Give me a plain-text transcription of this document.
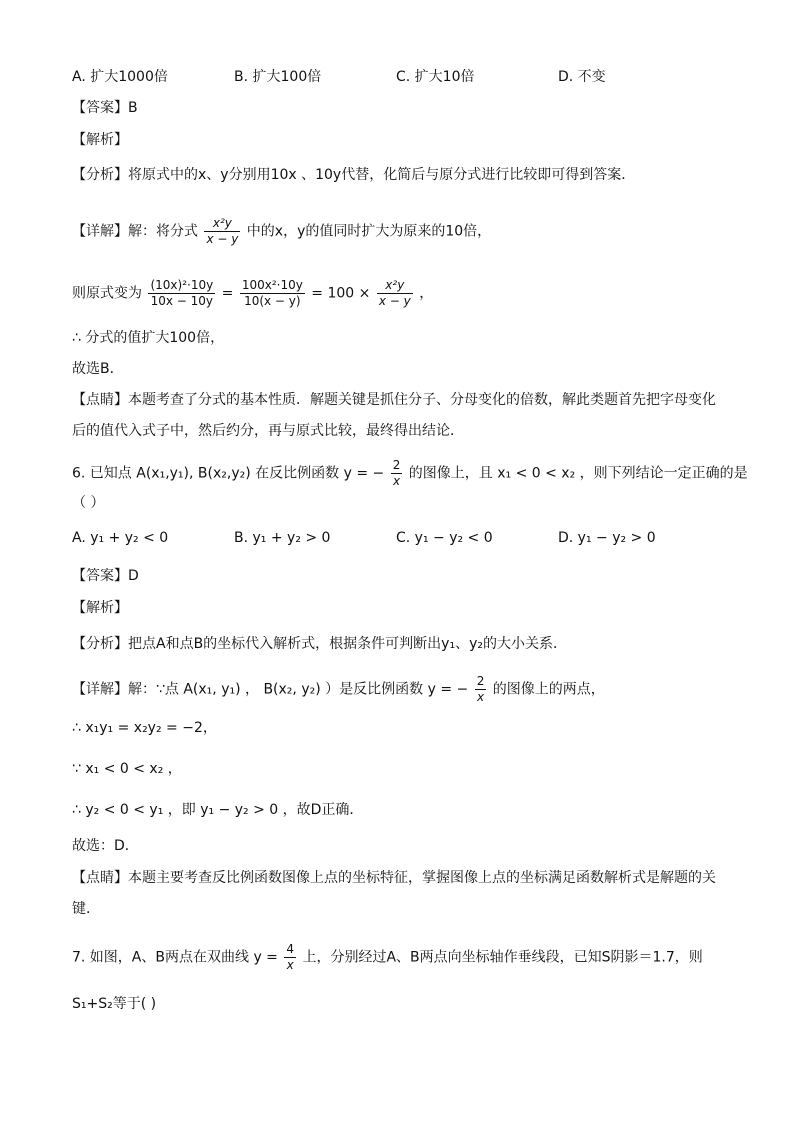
A. 扩大1000倍	B. 扩大100倍	C. 扩大10倍	D. 不变
【答案】B
【解析】
【分析】将原式中的x、y分别用10x 、10y代替，化简后与原分式进行比较即可得到答案．
【详解】解：将分式 $\frac{\text{x²y}}{x - y}$ 中的x，y的值同时扩大为原来的10倍，
则原式变为 $\frac{\text{(10x)²·10y}}{10x - 10y} = \frac{\text{100x²·10y}}{10(x - y)} = 100 \times \frac{\text{x²y}}{x - y}$ ，
∴ 分式的值扩大100倍，
故选B．
【点睛】本题考查了分式的基本性质．解题关键是抓住分子、分母变化的倍数，解此类题首先把字母变化
后的值代入式子中，然后约分，再与原式比较，最终得出结论．
6. 已知点 A(x₁,y₁), B(x₂,y₂) 在反比例函数 y = − $\frac{2}{x}$ 的图像上，且 x₁ < 0 < x₂ ，则下列结论一定正确的是
（ ）
A. y₁ + y₂ < 0	B. y₁ + y₂ > 0	C. y₁ − y₂ < 0	D. y₁ − y₂ > 0
【答案】D
【解析】
【分析】把点A和点B的坐标代入解析式，根据条件可判断出y₁、y₂的大小关系．
【详解】解：∵点 A(x₁, y₁) ， B(x₂, y₂) ）是反比例函数 y = − $\frac{2}{x}$ 的图像上的两点，
∴ x₁y₁ = x₂y₂ = −2，
∵ x₁ < 0 < x₂ ，
∴ y₂ < 0 < y₁ ，即 y₁ − y₂ > 0 ，故D正确．
故选：D．
【点睛】本题主要考查反比例函数图像上点的坐标特征，掌握图像上点的坐标满足函数解析式是解题的关
键．
7. 如图，A、B两点在双曲线 $y = \frac{4}{x}$ 上，分别经过A、B两点向坐标轴作垂线段，已知S阴影＝1.7，则
S₁+S₂等于( )
